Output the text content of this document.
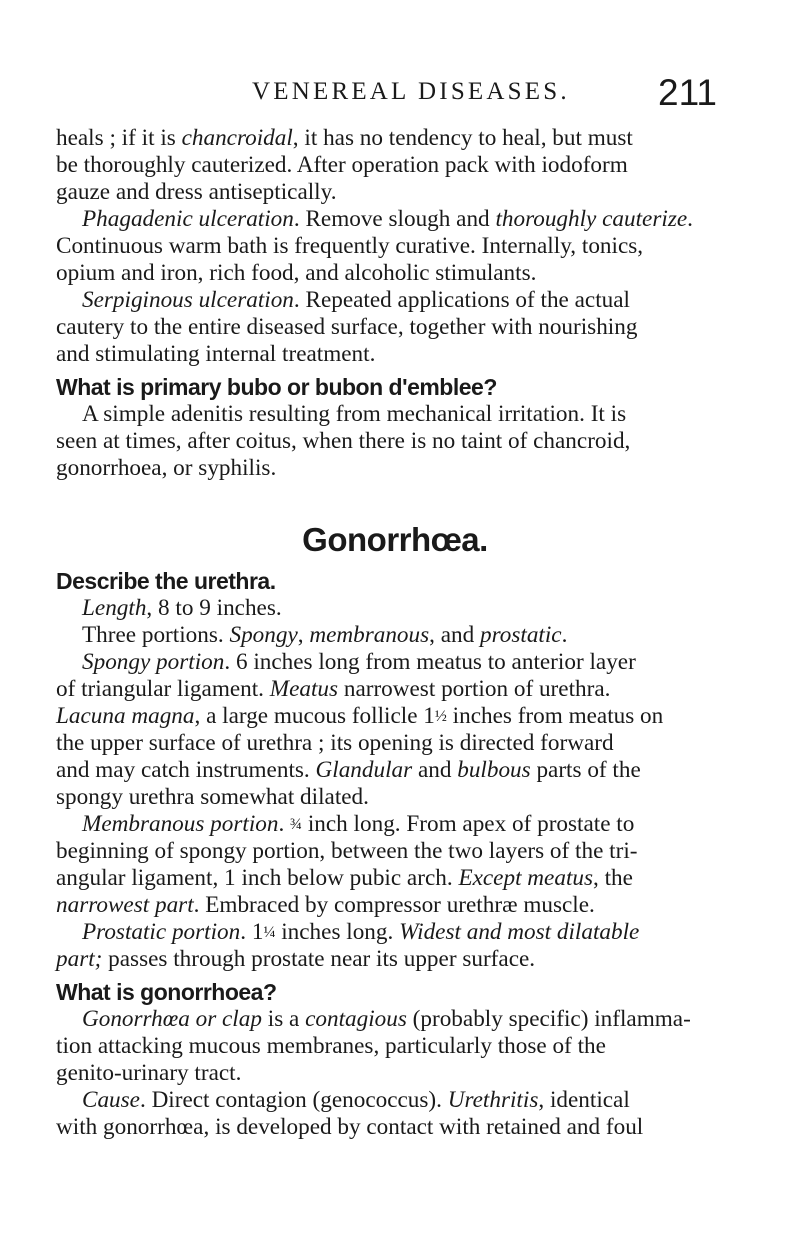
VENEREAL DISEASES. 211
heals ; if it is chancroidal, it has no tendency to heal, but must
be thoroughly cauterized. After operation pack with iodoform
gauze and dress antiseptically.
Phagadenic ulceration. Remove slough and thoroughly cauterize.
Continuous warm bath is frequently curative. Internally, tonics,
opium and iron, rich food, and alcoholic stimulants.
Serpiginous ulceration. Repeated applications of the actual
cautery to the entire diseased surface, together with nourishing
and stimulating internal treatment.
What is primary bubo or bubon d'emblee?
A simple adenitis resulting from mechanical irritation. It is
seen at times, after coitus, when there is no taint of chancroid,
gonorrhoea, or syphilis.
Gonorrhœa.
Describe the urethra.
Length, 8 to 9 inches.
Three portions. Spongy, membranous, and prostatic.
Spongy portion. 6 inches long from meatus to anterior layer
of triangular ligament. Meatus narrowest portion of urethra.
Lacuna magna, a large mucous follicle 1½ inches from meatus on
the upper surface of urethra ; its opening is directed forward
and may catch instruments. Glandular and bulbous parts of the
spongy urethra somewhat dilated.
Membranous portion. ¾ inch long. From apex of prostate to
beginning of spongy portion, between the two layers of the tri-
angular ligament, 1 inch below pubic arch. Except meatus, the
narrowest part. Embraced by compressor urethræ muscle.
Prostatic portion. 1¼ inches long. Widest and most dilatable
part; passes through prostate near its upper surface.
What is gonorrhoea?
Gonorrhœa or clap is a contagious (probably specific) inflamma-
tion attacking mucous membranes, particularly those of the
genito-urinary tract.
Cause. Direct contagion (genococcus). Urethritis, identical
with gonorrhœa, is developed by contact with retained and foul
